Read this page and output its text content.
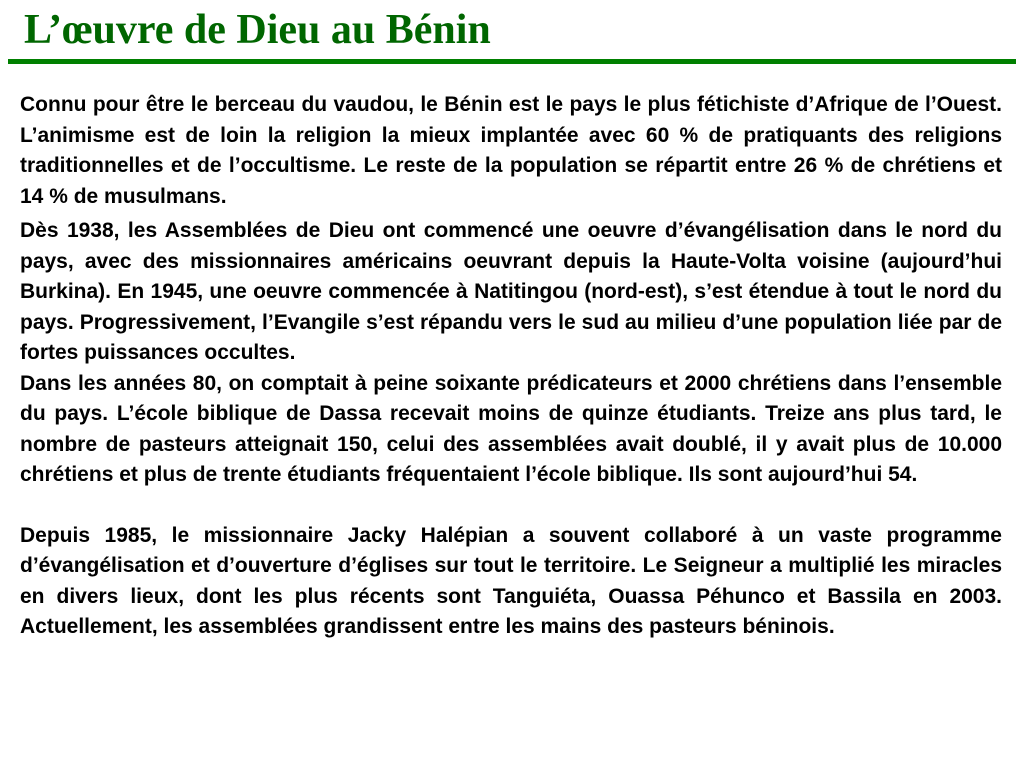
L’œuvre de Dieu au Bénin

Connu pour être le berceau du vaudou, le Bénin est le pays le plus fétichiste d’Afrique de l’Ouest. L’animisme est de loin la religion la mieux implantée avec 60 % de pratiquants des religions traditionnelles et de l’occultisme. Le reste de la population se répartit entre 26 % de chrétiens et 14 % de musulmans.

Dès 1938, les Assemblées de Dieu ont commencé une oeuvre d’évangélisation dans le nord du pays, avec des missionnaires américains oeuvrant depuis la Haute-Volta voisine (aujourd’hui Burkina). En 1945, une oeuvre commencée à Natitingou (nord-est), s’est étendue à tout le nord du pays. Progressivement, l’Evangile s’est répandu vers le sud au milieu d’une population liée par de fortes puissances occultes.

Dans les années 80, on comptait à peine soixante prédicateurs et 2000 chrétiens dans l’ensemble du pays. L’école biblique de Dassa recevait moins de quinze étudiants. Treize ans plus tard, le nombre de pasteurs atteignait 150, celui des assemblées avait doublé, il y avait plus de 10.000 chrétiens et plus de trente étudiants fréquentaient l’école biblique. Ils sont aujourd’hui 54.

Depuis 1985, le missionnaire Jacky Halépian a souvent collaboré à un vaste programme d’évangélisation et d’ouverture d’églises sur tout le territoire. Le Seigneur a multiplié les miracles en divers lieux, dont les plus récents sont Tanguiéta, Ouassa Péhunco et Bassila en 2003. Actuellement, les assemblées grandissent entre les mains des pasteurs béninois.
